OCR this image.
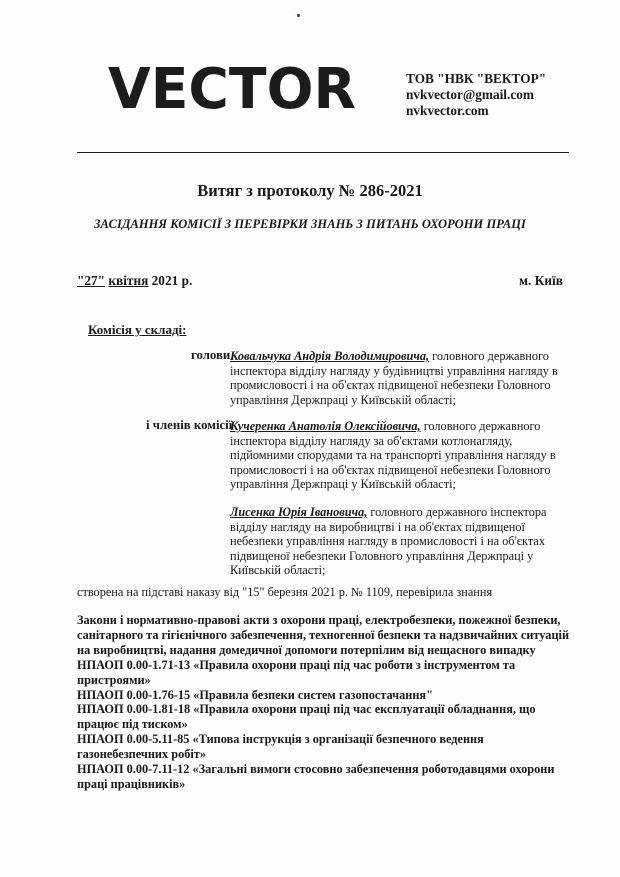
VECTOR	ТОВ "НВК "ВЕКТОР"
nvkvector@gmail.com
nvkvector.com
Витяг з протоколу № 286-2021
ЗАСІДАННЯ КОМІСІЇ З ПЕРЕВІРКИ ЗНАНЬ З ПИТАНЬ ОХОРОНИ ПРАЦІ
"27" квітня 2021 р.	м. Київ
Комісія у складі:
голови
і членів комісії
Ковальчука Андрія Володимировича, головного державного інспектора відділу нагляду у будівництві управління нагляду в промисловості і на об'єктах підвищеної небезпеки Головного управління Держпраці у Київській області;
Кучеренка Анатолія Олексійовича, головного державного інспектора відділу нагляду за об'єктами котлонагляду, підйомними спорудами та на транспорті управління нагляду в промисловості і на об'єктах підвищеної небезпеки Головного управління Держпраці у Київській області;
Лисенка Юрія Івановича, головного державного інспектора відділу нагляду на виробництві і на об'єктах підвищеної небезпеки управління нагляду в промисловості і на об'єктах підвищеної небезпеки Головного управління Держпраці у Київській області;
створена на підставі наказу від "15" березня 2021 р. № 1109, перевірила знання

Закони і нормативно-правові акти з охорони праці, електробезпеки, пожежної безпеки, санітарного та гігієнічного забезпечення, техногенної безпеки та надзвичайних ситуацій на виробництві, надання домедичної допомоги потерпілим від нещасного випадку

НПАОП 0.00-1.71-13 «Правила охорони праці під час роботи з інструментом та пристроями»

НПАОП 0.00-1.76-15 «Правила безпеки систем газопостачання"

НПАОП 0.00-1.81-18 «Правила охорони праці під час експлуатації обладнання, що працює під тиском»

НПАОП 0.00-5.11-85 «Типова інструкція з організації безпечного ведення газонебезпечних робіт»

НПАОП 0.00-7.11-12 «Загальні вимоги стосовно забезпечення роботодавцями охорони праці працівників»
